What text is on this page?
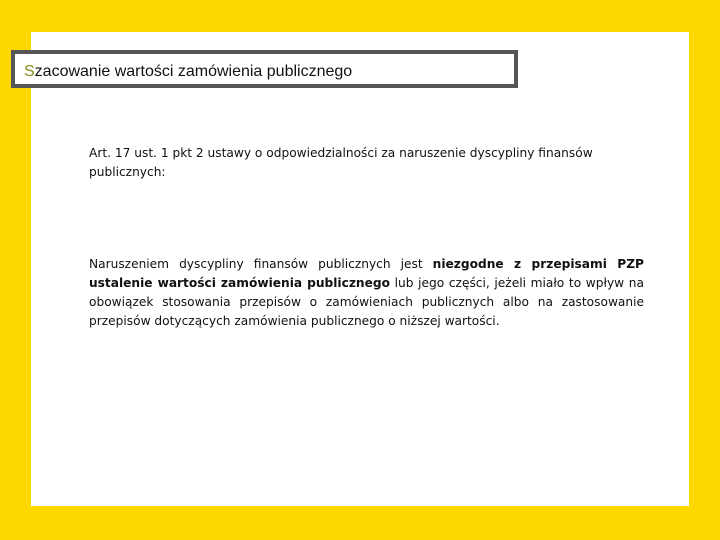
Szacowanie wartości zamówienia publicznego
Art. 17 ust. 1 pkt 2 ustawy o odpowiedzialności za naruszenie dyscypliny finansów publicznych:
Naruszeniem dyscypliny finansów publicznych jest niezgodne z przepisami PZP ustalenie wartości zamówienia publicznego lub jego części, jeżeli miało to wpływ na obowiązek stosowania przepisów o zamówieniach publicznych albo na zastosowanie przepisów dotyczących zamówienia publicznego o niższej wartości.
